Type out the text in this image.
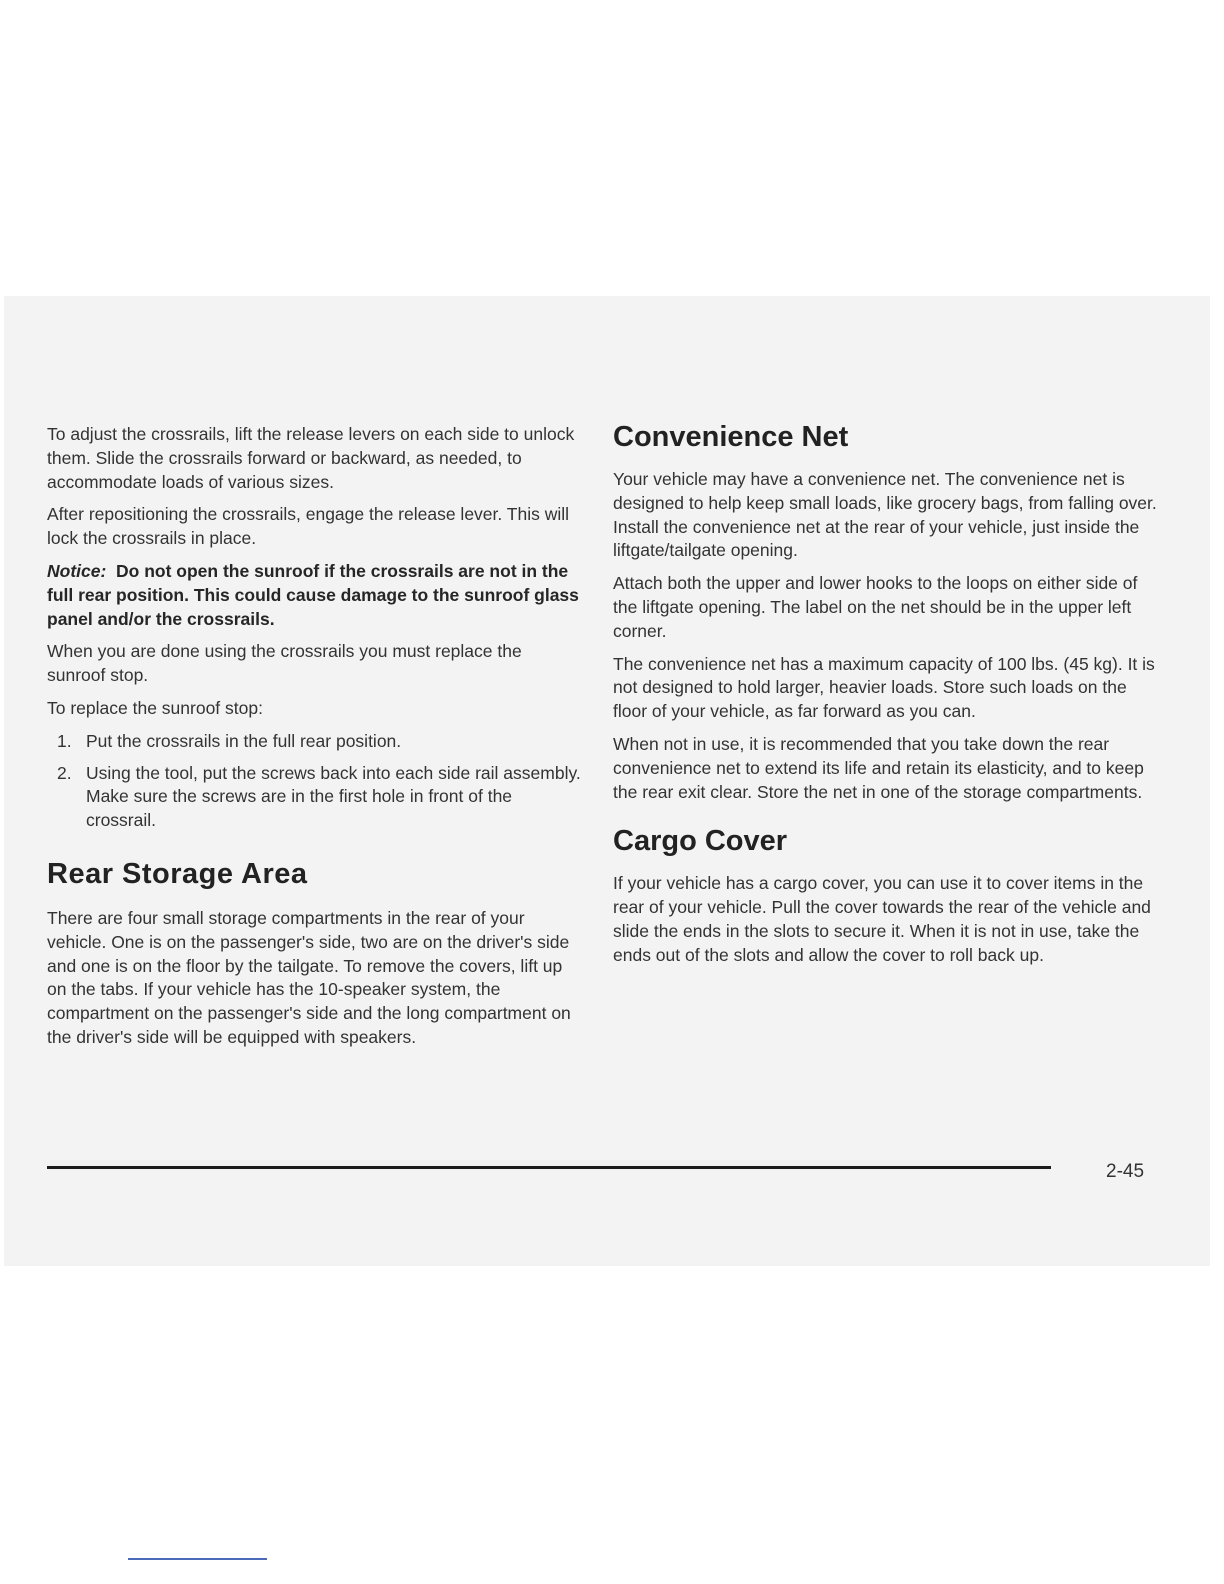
To adjust the crossrails, lift the release levers on each side to unlock them. Slide the crossrails forward or backward, as needed, to accommodate loads of various sizes.

After repositioning the crossrails, engage the release lever. This will lock the crossrails in place.

Notice: Do not open the sunroof if the crossrails are not in the full rear position. This could cause damage to the sunroof glass panel and/or the crossrails.

When you are done using the crossrails you must replace the sunroof stop.

To replace the sunroof stop:

1. Put the crossrails in the full rear position.
2. Using the tool, put the screws back into each side rail assembly. Make sure the screws are in the first hole in front of the crossrail.
Rear Storage Area

There are four small storage compartments in the rear of your vehicle. One is on the passenger's side, two are on the driver's side and one is on the floor by the tailgate. To remove the covers, lift up on the tabs. If your vehicle has the 10-speaker system, the compartment on the passenger's side and the long compartment on the driver's side will be equipped with speakers.

Convenience Net

Your vehicle may have a convenience net. The convenience net is designed to help keep small loads, like grocery bags, from falling over. Install the convenience net at the rear of your vehicle, just inside the liftgate/tailgate opening.

Attach both the upper and lower hooks to the loops on either side of the liftgate opening. The label on the net should be in the upper left corner.

The convenience net has a maximum capacity of 100 lbs. (45 kg). It is not designed to hold larger, heavier loads. Store such loads on the floor of your vehicle, as far forward as you can.

When not in use, it is recommended that you take down the rear convenience net to extend its life and retain its elasticity, and to keep the rear exit clear. Store the net in one of the storage compartments.

Cargo Cover

If your vehicle has a cargo cover, you can use it to cover items in the rear of your vehicle. Pull the cover towards the rear of the vehicle and slide the ends in the slots to secure it. When it is not in use, take the ends out of the slots and allow the cover to roll back up.

2-45
